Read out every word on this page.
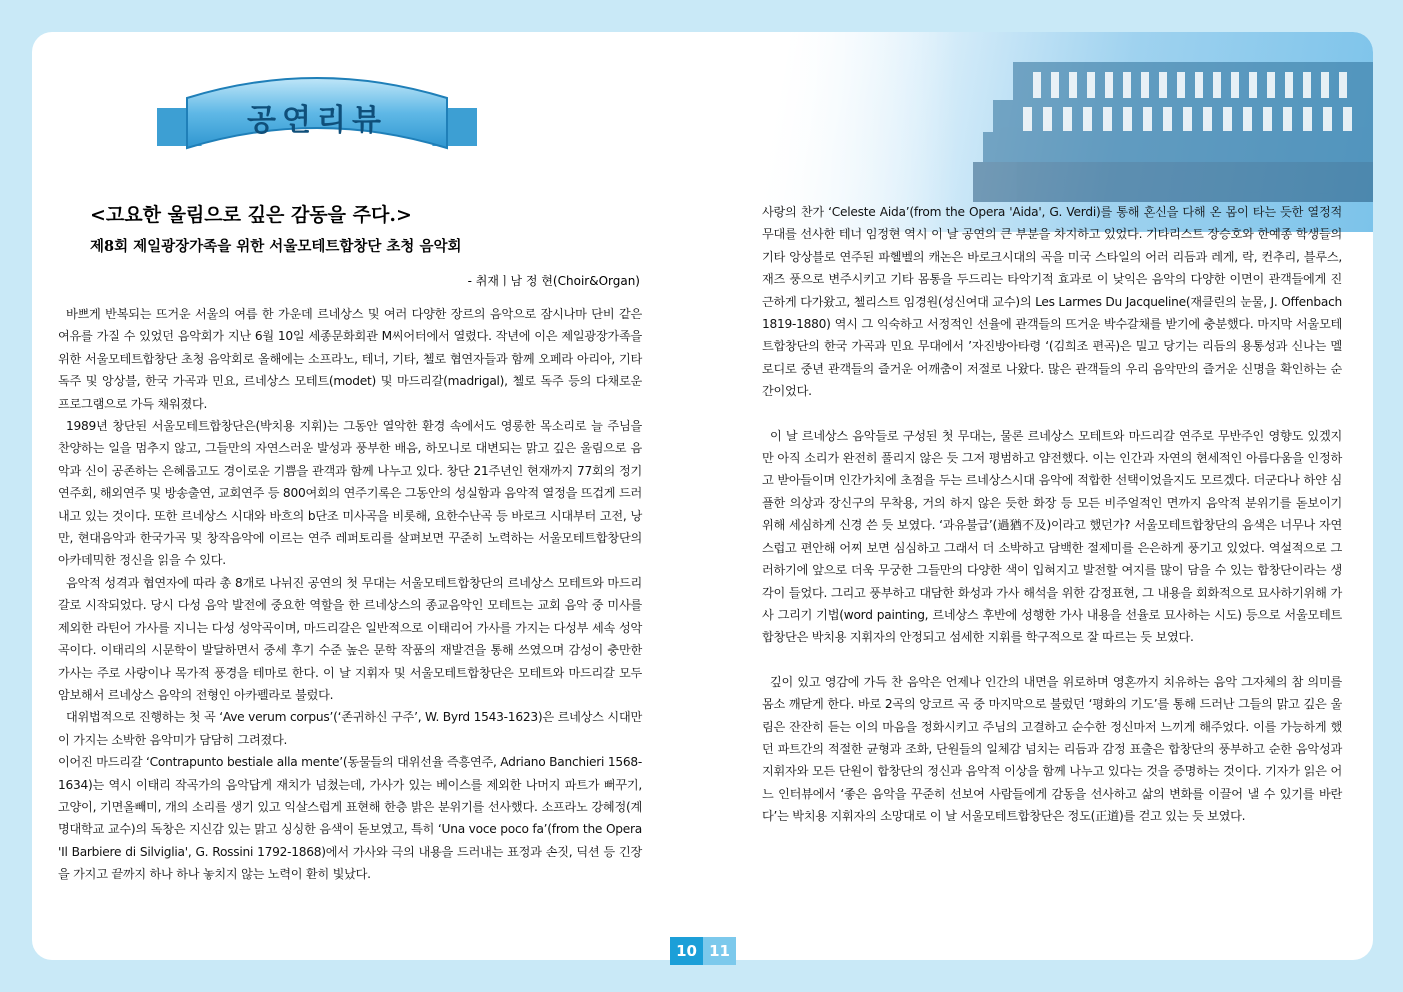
공연리뷰
<고요한 울림으로 깊은 감동을 주다.>
제8회 제일광장가족을 위한 서울모테트합창단 초청 음악회
- 취재ㅣ남 정 현(Choir&Organ)

바쁘게 반복되는 뜨거운 서울의 여름 한 가운데 르네상스 및 여러 다양한 장르의 음악으로 잠시나마 단비 같은 여유를 가질 수 있었던 음악회가 지난 6월 10일 세종문화회관 M씨어터에서 열렸다. 작년에 이은 제일광장가족을 위한 서울모테트합창단 초청 음악회로 올해에는 소프라노, 테너, 기타, 첼로 협연자들과 함께 오페라 아리아, 기타 독주 및 앙상블, 한국 가곡과 민요, 르네상스 모테트(modet) 및 마드리갈(madrigal), 첼로 독주 등의 다채로운 프로그램으로 가득 채워졌다.

1989년 창단된 서울모테트합창단은(박치용 지휘)는 그동안 열악한 환경 속에서도 영롱한 목소리로 늘 주님을 찬양하는 일을 멈추지 않고, 그들만의 자연스러운 발성과 풍부한 배음, 하모니로 대변되는 맑고 깊은 울림으로 음악과 신이 공존하는 은혜롭고도 경이로운 기쁨을 관객과 함께 나누고 있다. 창단 21주년인 현재까지 77회의 정기연주회, 해외연주 및 방송출연, 교회연주 등 800여회의 연주기록은 그동안의 성실함과 음악적 열정을 뜨겁게 드러내고 있는 것이다. 또한 르네상스 시대와 바흐의 b단조 미사곡을 비롯해, 요한수난곡 등 바로크 시대부터 고전, 낭만, 현대음악과 한국가곡 및 창작음악에 이르는 연주 레퍼토리를 살펴보면 꾸준히 노력하는 서울모테트합창단의 아카데믹한 정신을 읽을 수 있다.

음악적 성격과 협연자에 따라 총 8개로 나뉘진 공연의 첫 무대는 서울모테트합창단의 르네상스 모테트와 마드리갈로 시작되었다. 당시 다성 음악 발전에 중요한 역할을 한 르네상스의 종교음악인 모테트는 교회 음악 중 미사를 제외한 라틴어 가사를 지니는 다성 성악곡이며, 마드리갈은 일반적으로 이태리어 가사를 가지는 다성부 세속 성악곡이다. 이태리의 시문학이 발달하면서 중세 후기 수준 높은 문학 작품의 재발견을 통해 쓰였으며 감성이 충만한 가사는 주로 사랑이나 목가적 풍경을 테마로 한다. 이 날 지휘자 및 서울모테트합창단은 모테트와 마드리갈 모두 암보해서 르네상스 음악의 전형인 아카펠라로 불렀다.

대위법적으로 진행하는 첫 곡 ‘Ave verum corpus’(‘존귀하신 구주’, W. Byrd 1543-1623)은 르네상스 시대만이 가지는 소박한 음악미가 담담히 그려졌다.

이어진 마드리갈 ‘Contrapunto bestiale alla mente’(동물들의 대위선율 즉흥연주, Adriano Banchieri 1568-1634)는 역시 이태리 작곡가의 음악답게 재치가 넘쳤는데, 가사가 있는 베이스를 제외한 나머지 파트가 뻐꾸기, 고양이, 기면올빼미, 개의 소리를 생기 있고 익살스럽게 표현해 한층 밝은 분위기를 선사했다. 소프라노 강혜정(계명대학교 교수)의 독창은 지신감 있는 맑고 싱싱한 음색이 돋보였고, 특히 ‘Una voce poco fa’(from the Opera 'Il Barbiere di Silviglia', G. Rossini 1792-1868)에서 가사와 극의 내용을 드러내는 표정과 손짓, 딕션 등 긴장을 가지고 끝까지 하나 하나 놓치지 않는 노력이 환히 빛났다.

사랑의 찬가 ‘Celeste Aida’(from the Opera 'Aida', G. Verdi)를 통해 혼신을 다해 온 몸이 타는 듯한 열정적 무대를 선사한 테너 임정현 역시 이 날 공연의 큰 부분을 차지하고 있었다. 기타리스트 장승호와 한예종 학생들의 기타 앙상블로 연주된 파헬벨의 캐논은 바로크시대의 곡을 미국 스타일의 어러 리듬과 레게, 락, 컨추리, 블루스, 재즈 풍으로 변주시키고 기타 몸통을 두드리는 타악기적 효과로 이 낮익은 음악의 다양한 이면이 관객들에게 진근하게 다가왔고, 첼리스트 임경원(성신여대 교수)의 Les Larmes Du Jacqueline(재클린의 눈물, J. Offenbach 1819-1880) 역시 그 익숙하고 서정적인 선율에 관객들의 뜨거운 박수갈채를 받기에 충분했다. 마지막 서울모테트합창단의 한국 가곡과 민요 무대에서 ’자진방아타령 ‘(김희조 편곡)은 밀고 당기는 리듬의 용통성과 신나는 멜로디로 중년 관객들의 즐거운 어깨춤이 저절로 나왔다. 많은 관객들의 우리 음악만의 즐거운 신명을 확인하는 순간이었다.

이 날 르네상스 음악들로 구성된 첫 무대는, 물론 르네상스 모테트와 마드리갈 연주로 무반주인 영향도 있겠지만 아직 소리가 완전히 풀리지 않은 듯 그저 평범하고 얌전했다. 이는 인간과 자연의 현세적인 아름다움을 인정하고 받아들이며 인간가치에 초점을 두는 르네상스시대 음악에 적합한 선택이었을지도 모르겠다. 더군다나 하얀 심플한 의상과 장신구의 무착용, 거의 하지 않은 듯한 화장 등 모든 비주얼적인 면까지 음악적 분위기를 돋보이기 위해 세심하게 신경 쓴 듯 보였다. ‘과유불급’(過猶不及)이라고 했던가? 서울모테트합창단의 음색은 너무나 자연스럽고 편안해 어찌 보면 심심하고 그래서 더 소박하고 담백한 절제미를 은은하게 풍기고 있었다. 역설적으로 그러하기에 앞으로 더욱 무궁한 그들만의 다양한 색이 입혀지고 발전할 여지를 많이 담을 수 있는 합창단이라는 생각이 들었다. 그리고 풍부하고 대담한 화성과 가사 해석을 위한 감정표현, 그 내용을 회화적으로 묘사하기위해 가사 그리기 기법(word painting, 르네상스 후반에 성행한 가사 내용을 선율로 묘사하는 시도) 등으로 서울모테트합창단은 박치용 지휘자의 안정되고 섬세한 지휘를 학구적으로 잘 따르는 듯 보였다.

깊이 있고 영감에 가득 찬 음악은 언제나 인간의 내면을 위로하며 영혼까지 치유하는 음악 그자체의 참 의미를 몸소 깨닫게 한다. 바로 2곡의 앙코르 곡 중 마지막으로 불렀던 ‘평화의 기도’를 통해 드러난 그들의 맑고 깊은 울림은 잔잔히 듣는 이의 마음을 정화시키고 주님의 고결하고 순수한 정신마저 느끼게 해주었다. 이를 가능하게 했던 파트간의 적절한 균형과 조화, 단원들의 일체감 넘치는 리듬과 감정 표출은 합창단의 풍부하고 순한 음악성과 지휘자와 모든 단원이 합창단의 정신과 음악적 이상을 함께 나누고 있다는 것을 증명하는 것이다. 기자가 읽은 어느 인터뷰에서 ‘좋은 음악을 꾸준히 선보여 사람들에게 감동을 선사하고 삶의 변화를 이끌어 낼 수 있기를 바란다’는 박치용 지휘자의 소망대로 이 날 서울모테트합창단은 정도(正道)를 걷고 있는 듯 보였다.

10 11
